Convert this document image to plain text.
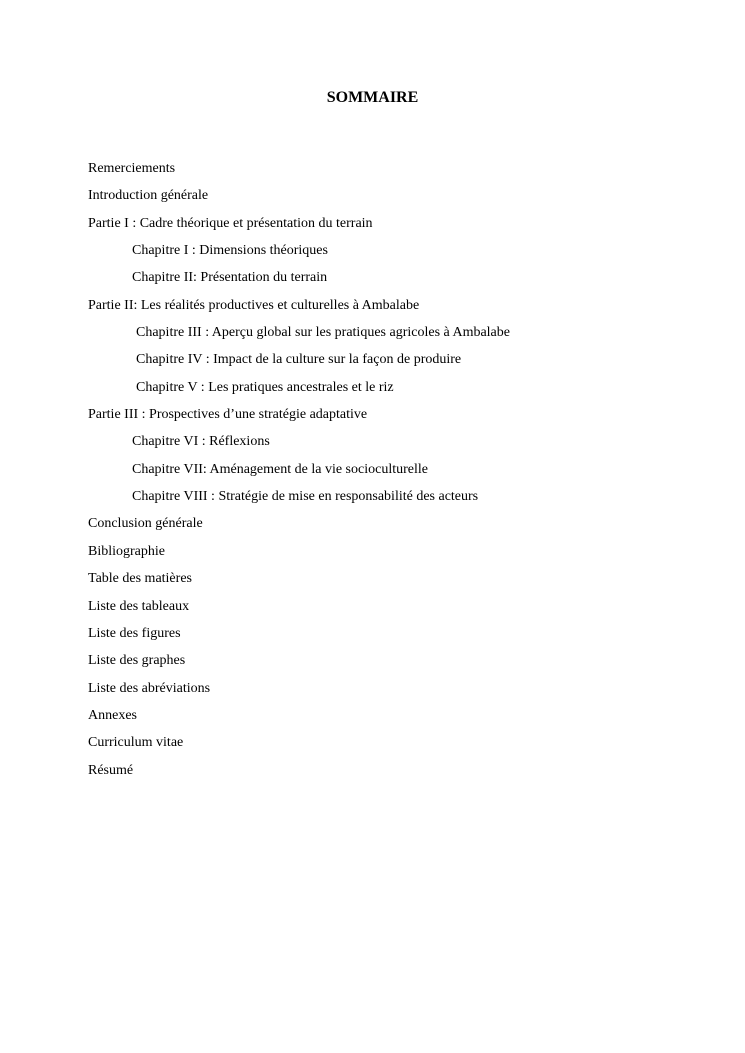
SOMMAIRE
Remerciements
Introduction générale
Partie I : Cadre théorique et présentation du terrain
Chapitre I : Dimensions théoriques
Chapitre II: Présentation du terrain
Partie II: Les réalités productives et culturelles à Ambalabe
Chapitre III : Aperçu global sur les pratiques agricoles à Ambalabe
Chapitre IV : Impact de la culture sur la façon de produire
Chapitre V : Les pratiques ancestrales et le riz
Partie III : Prospectives d’une stratégie adaptative
Chapitre VI : Réflexions
Chapitre VII: Aménagement de la vie socioculturelle
Chapitre VIII : Stratégie de mise en responsabilité des acteurs
Conclusion générale
Bibliographie
Table des matières
Liste des tableaux
Liste des figures
Liste des graphes
Liste des abréviations
Annexes
Curriculum vitae
Résumé
